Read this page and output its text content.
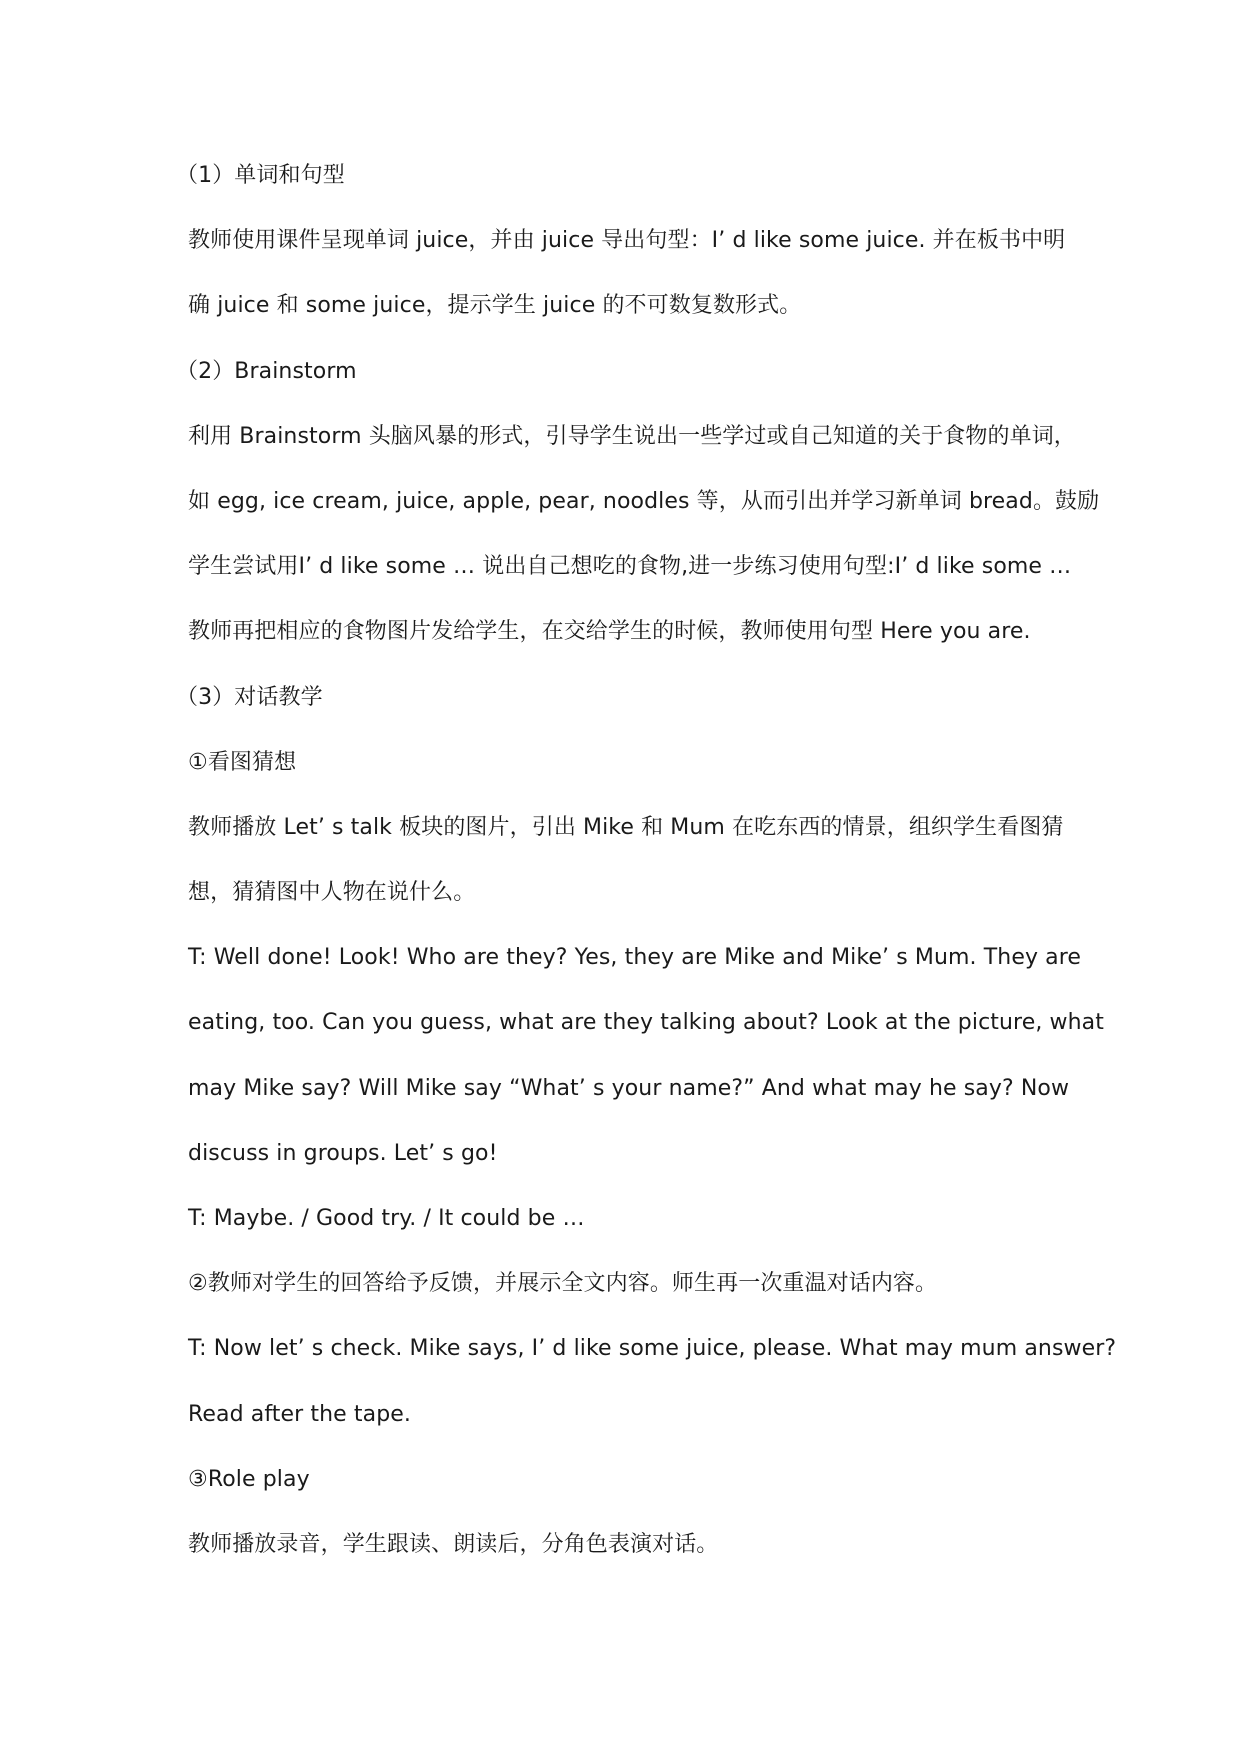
（1）单词和句型
教师使用课件呈现单词 juice，并由 juice 导出句型：I’ d like some juice. 并在板书中明
确 juice 和 some juice，提示学生 juice 的不可数复数形式。
（2）Brainstorm
利用 Brainstorm 头脑风暴的形式，引导学生说出一些学过或自己知道的关于食物的单词，
如 egg, ice cream, juice, apple, pear, noodles 等，从而引出并学习新单词 bread。鼓励
学生尝试用I’ d like some … 说出自己想吃的食物,进一步练习使用句型:I’ d like some …
教师再把相应的食物图片发给学生，在交给学生的时候，教师使用句型 Here you are.
（3）对话教学
①看图猜想
教师播放 Let’ s talk 板块的图片，引出 Mike 和 Mum 在吃东西的情景，组织学生看图猜
想，猜猜图中人物在说什么。
T: Well done! Look! Who are they? Yes, they are Mike and Mike’ s Mum. They are
eating, too. Can you guess, what are they talking about? Look at the picture, what
may Mike say? Will Mike say “What’ s your name?” And what may he say? Now
discuss in groups. Let’ s go!
T: Maybe. / Good try. / It could be …
②教师对学生的回答给予反馈，并展示全文内容。师生再一次重温对话内容。
T: Now let’ s check. Mike says, I’ d like some juice, please. What may mum answer?
Read after the tape.
③Role play
教师播放录音，学生跟读、朗读后，分角色表演对话。
